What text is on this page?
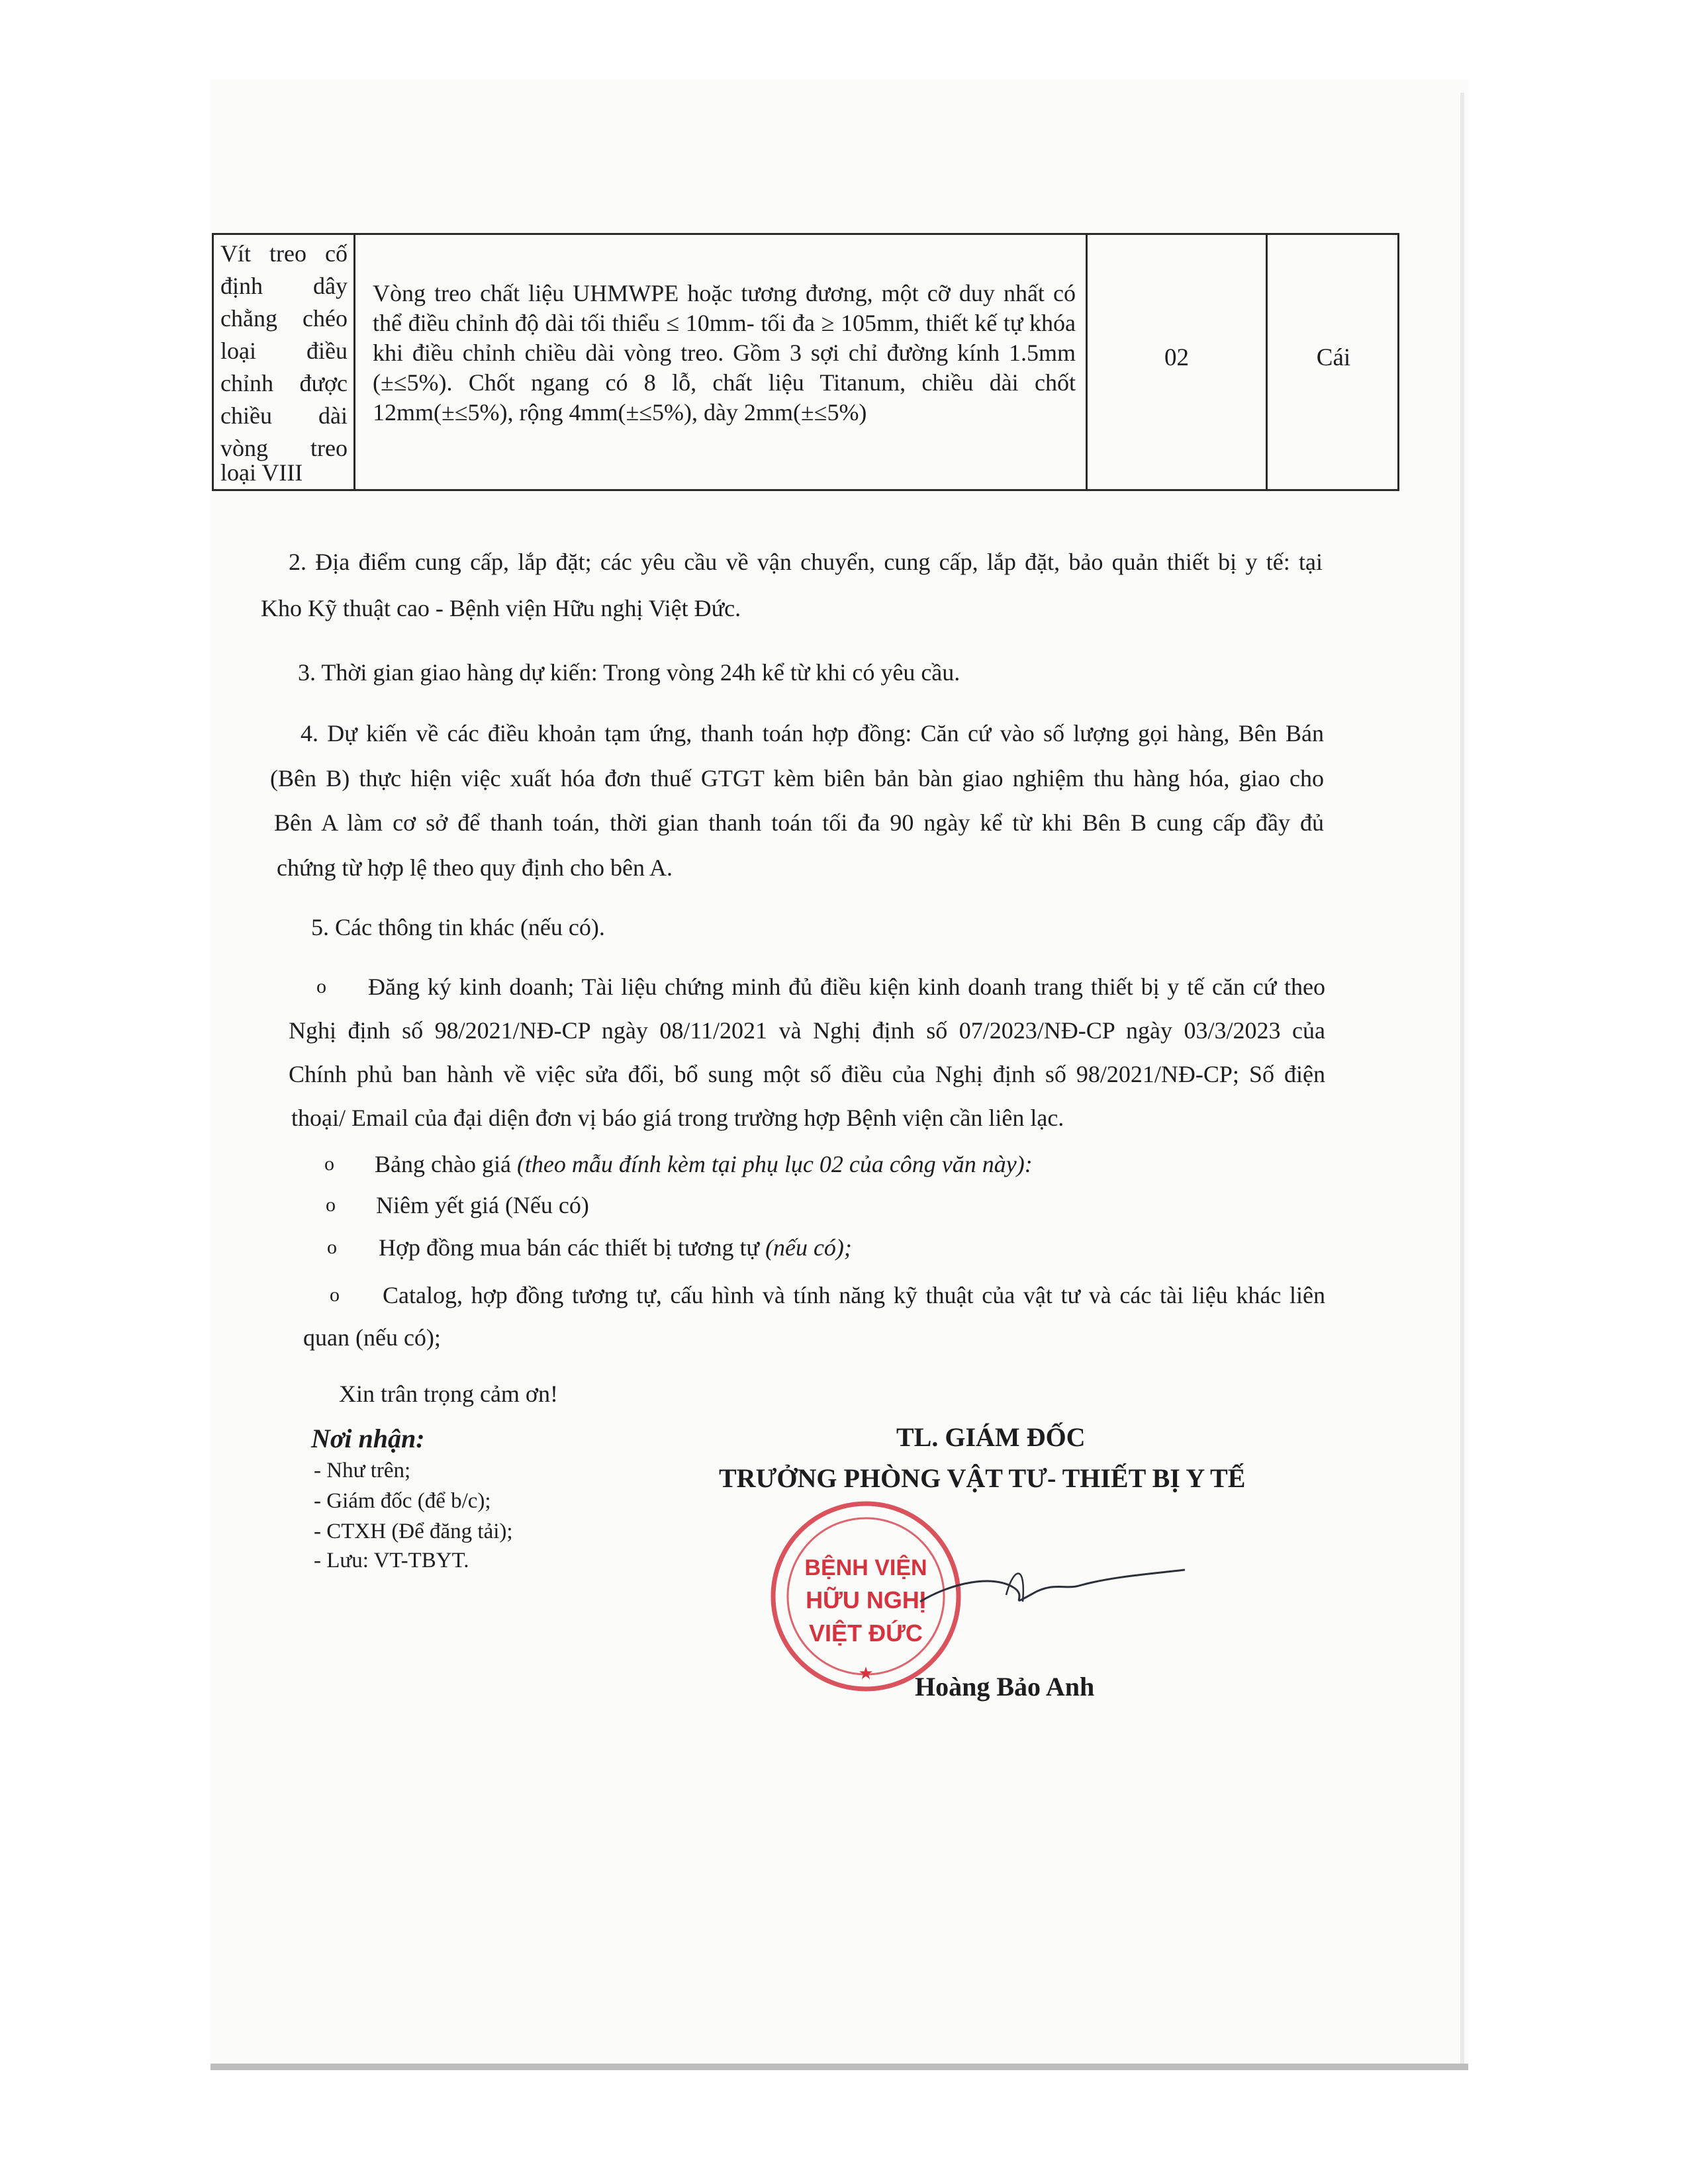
Vít treo cố
định dây
chằng chéo
loại điều
chỉnh được
chiều dài
vòng treo
loại VIII
Vòng treo chất liệu UHMWPE hoặc tương đương, một cỡ duy nhất có thể điều chỉnh độ dài tối thiểu ≤ 10mm- tối đa ≥ 105mm, thiết kế tự khóa khi điều chỉnh chiều dài vòng treo. Gồm 3 sợi chỉ đường kính 1.5mm (±≤5%). Chốt ngang có 8 lỗ, chất liệu Titanum, chiều dài chốt 12mm(±≤5%), rộng 4mm(±≤5%), dày 2mm(±≤5%)
02	Cái
2. Địa điểm cung cấp, lắp đặt; các yêu cầu về vận chuyển, cung cấp, lắp đặt, bảo quản thiết bị y tế: tại
Kho Kỹ thuật cao - Bệnh viện Hữu nghị Việt Đức.
3. Thời gian giao hàng dự kiến: Trong vòng 24h kể từ khi có yêu cầu.
4. Dự kiến về các điều khoản tạm ứng, thanh toán hợp đồng: Căn cứ vào số lượng gọi hàng, Bên Bán
(Bên B) thực hiện việc xuất hóa đơn thuế GTGT kèm biên bản bàn giao nghiệm thu hàng hóa, giao cho
Bên A làm cơ sở để thanh toán, thời gian thanh toán tối đa 90 ngày kể từ khi Bên B cung cấp đầy đủ
chứng từ hợp lệ theo quy định cho bên A.
5. Các thông tin khác (nếu có).
o Đăng ký kinh doanh; Tài liệu chứng minh đủ điều kiện kinh doanh trang thiết bị y tế căn cứ theo
Nghị định số 98/2021/NĐ-CP ngày 08/11/2021 và Nghị định số 07/2023/NĐ-CP ngày 03/3/2023 của
Chính phủ ban hành về việc sửa đổi, bổ sung một số điều của Nghị định số 98/2021/NĐ-CP; Số điện
thoại/ Email của đại diện đơn vị báo giá trong trường hợp Bệnh viện cần liên lạc.
o Bảng chào giá (theo mẫu đính kèm tại phụ lục 02 của công văn này):
o Niêm yết giá (Nếu có)
o Hợp đồng mua bán các thiết bị tương tự (nếu có);
o Catalog, hợp đồng tương tự, cấu hình và tính năng kỹ thuật của vật tư và các tài liệu khác liên
quan (nếu có);
Xin trân trọng cảm ơn!
Nơi nhận:
- Như trên;
- Giám đốc (để b/c);
- CTXH (Để đăng tải);
- Lưu: VT-TBYT.
TL. GIÁM ĐỐC
TRƯỞNG PHÒNG VẬT TƯ- THIẾT BỊ Y TẾ
BỆNH VIỆN
HỮU NGHỊ
VIỆT ĐỨC
★ Hoàng Bảo Anh
